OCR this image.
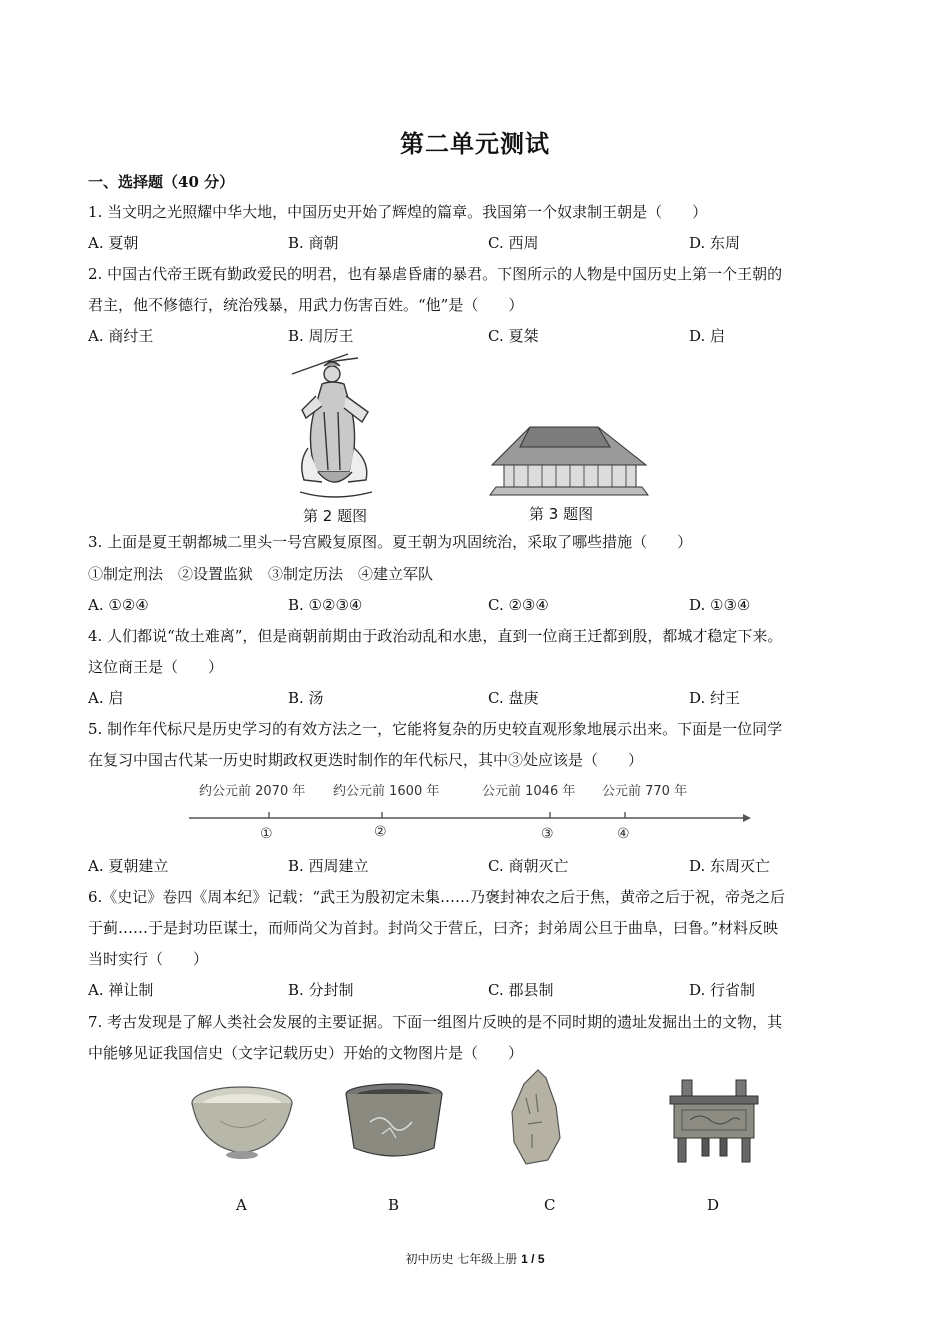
第二单元测试
一、选择题（40 分）
1. 当文明之光照耀中华大地，中国历史开始了辉煌的篇章。我国第一个奴隶制王朝是（　　）
A. 夏朝	B. 商朝	C. 西周	D. 东周
2. 中国古代帝王既有勤政爱民的明君，也有暴虐昏庸的暴君。下图所示的人物是中国历史上第一个王朝的
君主，他不修德行，统治残暴，用武力伤害百姓。“他”是（　　）
A. 商纣王	B. 周厉王	C. 夏桀	D. 启
第 2 题图	第 3 题图
3. 上面是夏王朝都城二里头一号宫殿复原图。夏王朝为巩固统治，采取了哪些措施（　　）
①制定刑法　②设置监狱　③制定历法　④建立军队
A. ①②④	B. ①②③④	C. ②③④	D. ①③④
4. 人们都说“故土难离”，但是商朝前期由于政治动乱和水患，直到一位商王迁都到殷，都城才稳定下来。
这位商王是（　　）
A. 启	B. 汤	C. 盘庚	D. 纣王
5. 制作年代标尺是历史学习的有效方法之一，它能将复杂的历史较直观形象地展示出来。下面是一位同学
在复习中国古代某一历史时期政权更迭时制作的年代标尺，其中③处应该是（　　）
约公元前 2070 年 约公元前 1600 年	公元前 1046 年 公元前 770 年
①	②	③	④
A. 夏朝建立	B. 西周建立	C. 商朝灭亡	D. 东周灭亡
6.《史记》卷四《周本纪》记载：“武王为殷初定未集……乃褒封神农之后于焦，黄帝之后于祝，帝尧之后
于蓟……于是封功臣谋士，而师尚父为首封。封尚父于营丘，曰齐；封弟周公旦于曲阜，曰鲁。”材料反映
当时实行（　　）
A. 禅让制	B. 分封制	C. 郡县制	D. 行省制
7. 考古发现是了解人类社会发展的主要证据。下面一组图片反映的是不同时期的遗址发掘出土的文物，其
中能够见证我国信史（文字记载历史）开始的文物图片是（　　）
A	B	C	D
初中历史 七年级上册 1 / 5
